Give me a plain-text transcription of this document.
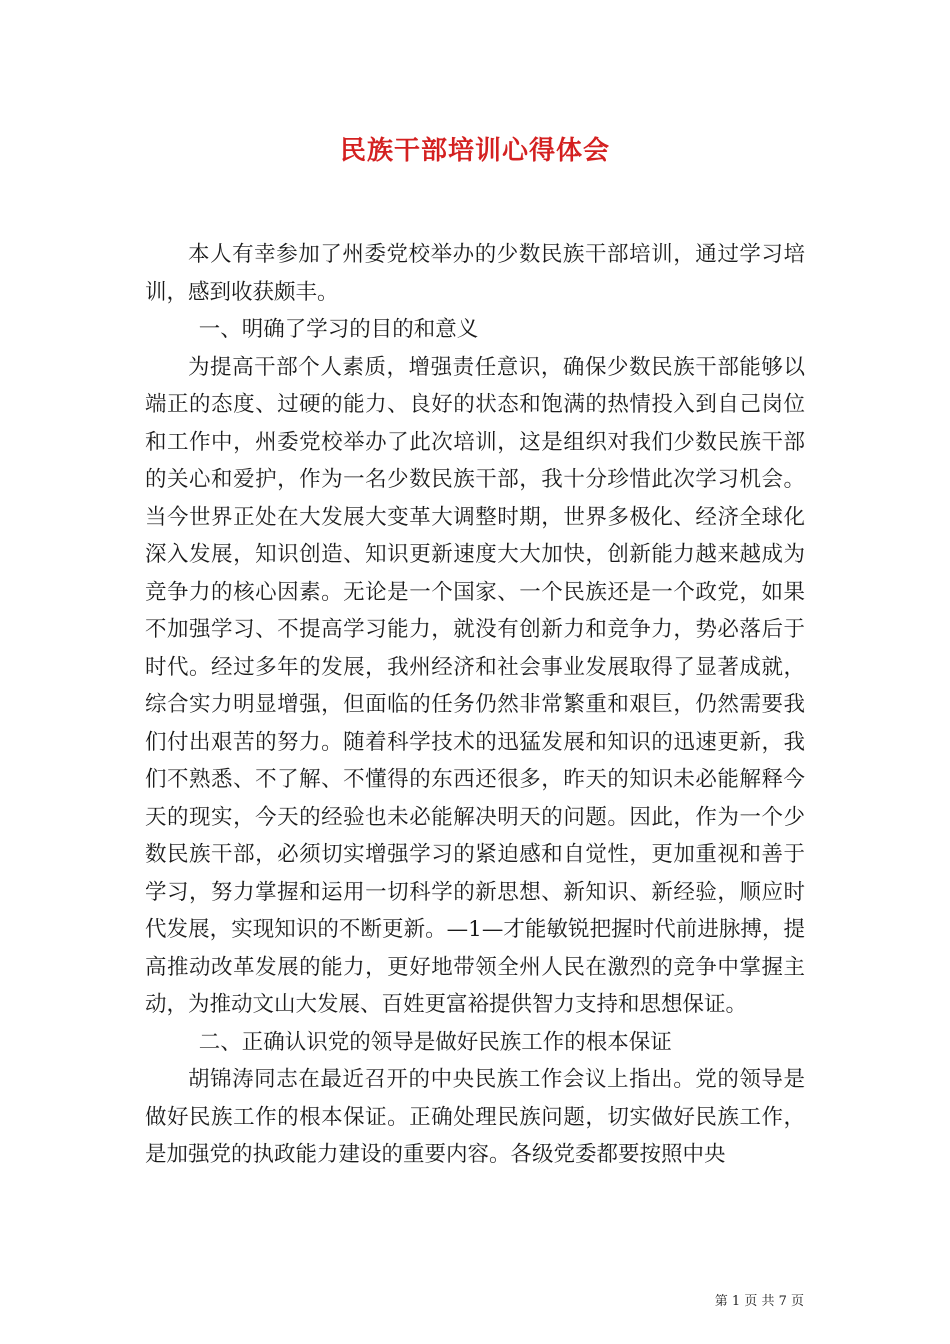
民族干部培训心得体会

本人有幸参加了州委党校举办的少数民族干部培训，通过学习培训，感到收获颇丰。

一、明确了学习的目的和意义

为提高干部个人素质，增强责任意识，确保少数民族干部能够以端正的态度、过硬的能力、良好的状态和饱满的热情投入到自己岗位和工作中，州委党校举办了此次培训，这是组织对我们少数民族干部的关心和爱护，作为一名少数民族干部，我十分珍惜此次学习机会。当今世界正处在大发展大变革大调整时期，世界多极化、经济全球化深入发展，知识创造、知识更新速度大大加快，创新能力越来越成为竞争力的核心因素。无论是一个国家、一个民族还是一个政党，如果不加强学习、不提高学习能力，就没有创新力和竞争力，势必落后于时代。经过多年的发展，我州经济和社会事业发展取得了显著成就，综合实力明显增强，但面临的任务仍然非常繁重和艰巨，仍然需要我们付出艰苦的努力。随着科学技术的迅猛发展和知识的迅速更新，我们不熟悉、不了解、不懂得的东西还很多，昨天的知识未必能解释今天的现实，今天的经验也未必能解决明天的问题。因此，作为一个少数民族干部，必须切实增强学习的紧迫感和自觉性，更加重视和善于学习，努力掌握和运用一切科学的新思想、新知识、新经验，顺应时代发展，实现知识的不断更新。—1—才能敏锐把握时代前进脉搏，提高推动改革发展的能力，更好地带领全州人民在激烈的竞争中掌握主动，为推动文山大发展、百姓更富裕提供智力支持和思想保证。

二、正确认识党的领导是做好民族工作的根本保证

胡锦涛同志在最近召开的中央民族工作会议上指出。党的领导是做好民族工作的根本保证。正确处理民族问题，切实做好民族工作，是加强党的执政能力建设的重要内容。各级党委都要按照中央

第 1 页 共 7 页
